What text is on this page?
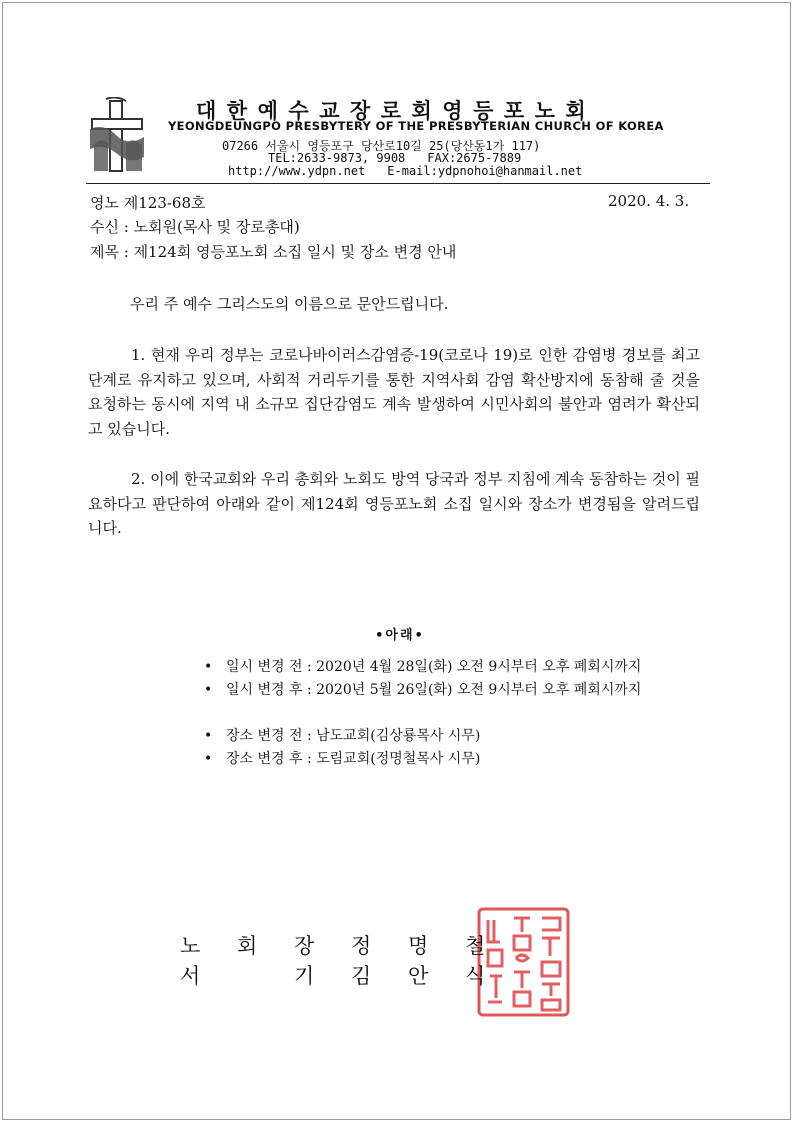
대한예수교장로회영등포노회
YEONGDEUNGPO PRESBYTERY OF THE PRESBYTERIAN CHURCH OF KOREA
07266 서울시 영등포구 당산로10길 25(당산동1가 117)
TEL:2633-9873, 9908 FAX:2675-7889
http://www.ydpn.net E-mail:ydpnohoi@hanmail.net
영노 제123-68호	2020. 4. 3.
수신 : 노회원(목사 및 장로총대)
제목 : 제124회 영등포노회 소집 일시 및 장소 변경 안내
우리 주 예수 그리스도의 이름으로 문안드립니다.
1. 현재 우리 정부는 코로나바이러스감염증-19(코로나 19)로 인한 감염병 경보를 최고 단계로 유지하고 있으며, 사회적 거리두기를 통한 지역사회 감염 확산방지에 동참해 줄 것을 요청하는 동시에 지역 내 소규모 집단감염도 계속 발생하여 시민사회의 불안과 염려가 확산되고 있습니다.
2. 이에 한국교회와 우리 총회와 노회도 방역 당국과 정부 지침에 계속 동참하는 것이 필요하다고 판단하여 아래와 같이 제124회 영등포노회 소집 일시와 장소가 변경됨을 알려드립니다.
•아래•
• 일시 변경 전 : 2020년 4월 28일(화) 오전 9시부터 오후 폐회시까지
• 일시 변경 후 : 2020년 5월 26일(화) 오전 9시부터 오후 폐회시까지
• 장소 변경 전 : 남도교회(김상룡목사 시무)
• 장소 변경 후 : 도림교회(정명철목사 시무)
노 회 장 정 명 철
서	기 김 안 식
